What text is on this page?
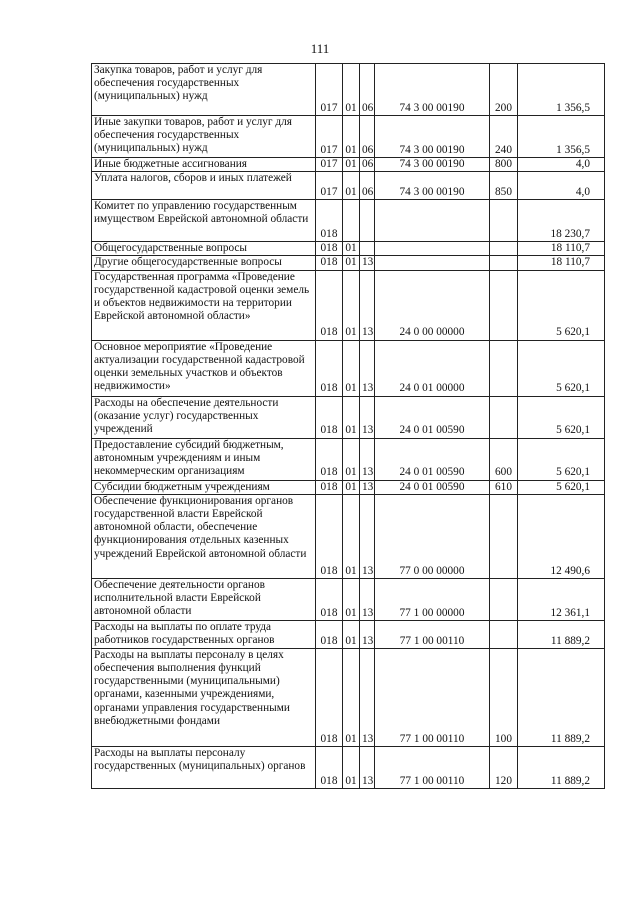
111
Закупка товаров, работ и услуг для обеспечения государственных (муниципальных) нужд	017	01	06	74 3 00 00190	200	1 356,5
Иные закупки товаров, работ и услуг для обеспечения государственных (муниципальных) нужд	017	01	06	74 3 00 00190	240	1 356,5
Иные бюджетные ассигнования	017	01	06	74 3 00 00190	800	4,0
Уплата налогов, сборов и иных платежей	017	01	06	74 3 00 00190	850	4,0
Комитет по управлению государственным имуществом Еврейской автономной области	018					18 230,7
Общегосударственные вопросы	018	01				18 110,7
Другие общегосударственные вопросы	018	01	13			18 110,7
Государственная программа «Проведение государственной кадастровой оценки земель и объектов недвижимости на территории Еврейской автономной области»	018	01	13	24 0 00 00000		5 620,1
Основное мероприятие «Проведение актуализации государственной кадастровой оценки земельных участков и объектов недвижимости»	018	01	13	24 0 01 00000		5 620,1
Расходы на обеспечение деятельности (оказание услуг) государственных учреждений	018	01	13	24 0 01 00590		5 620,1
Предоставление субсидий бюджетным, автономным учреждениям и иным некоммерческим организациям	018	01	13	24 0 01 00590	600	5 620,1
Субсидии бюджетным учреждениям	018	01	13	24 0 01 00590	610	5 620,1
Обеспечение функционирования органов государственной власти Еврейской автономной области, обеспечение функционирования отдельных казенных учреждений Еврейской автономной области	018	01	13	77 0 00 00000		12 490,6
Обеспечение деятельности органов исполнительной власти Еврейской автономной области	018	01	13	77 1 00 00000		12 361,1
Расходы на выплаты по оплате труда работников государственных органов	018	01	13	77 1 00 00110		11 889,2
Расходы на выплаты персоналу в целях обеспечения выполнения функций государственными (муниципальными) органами, казенными учреждениями, органами управления государственными внебюджетными фондами	018	01	13	77 1 00 00110	100	11 889,2
Расходы на выплаты персоналу государственных (муниципальных) органов	018	01	13	77 1 00 00110	120	11 889,2
